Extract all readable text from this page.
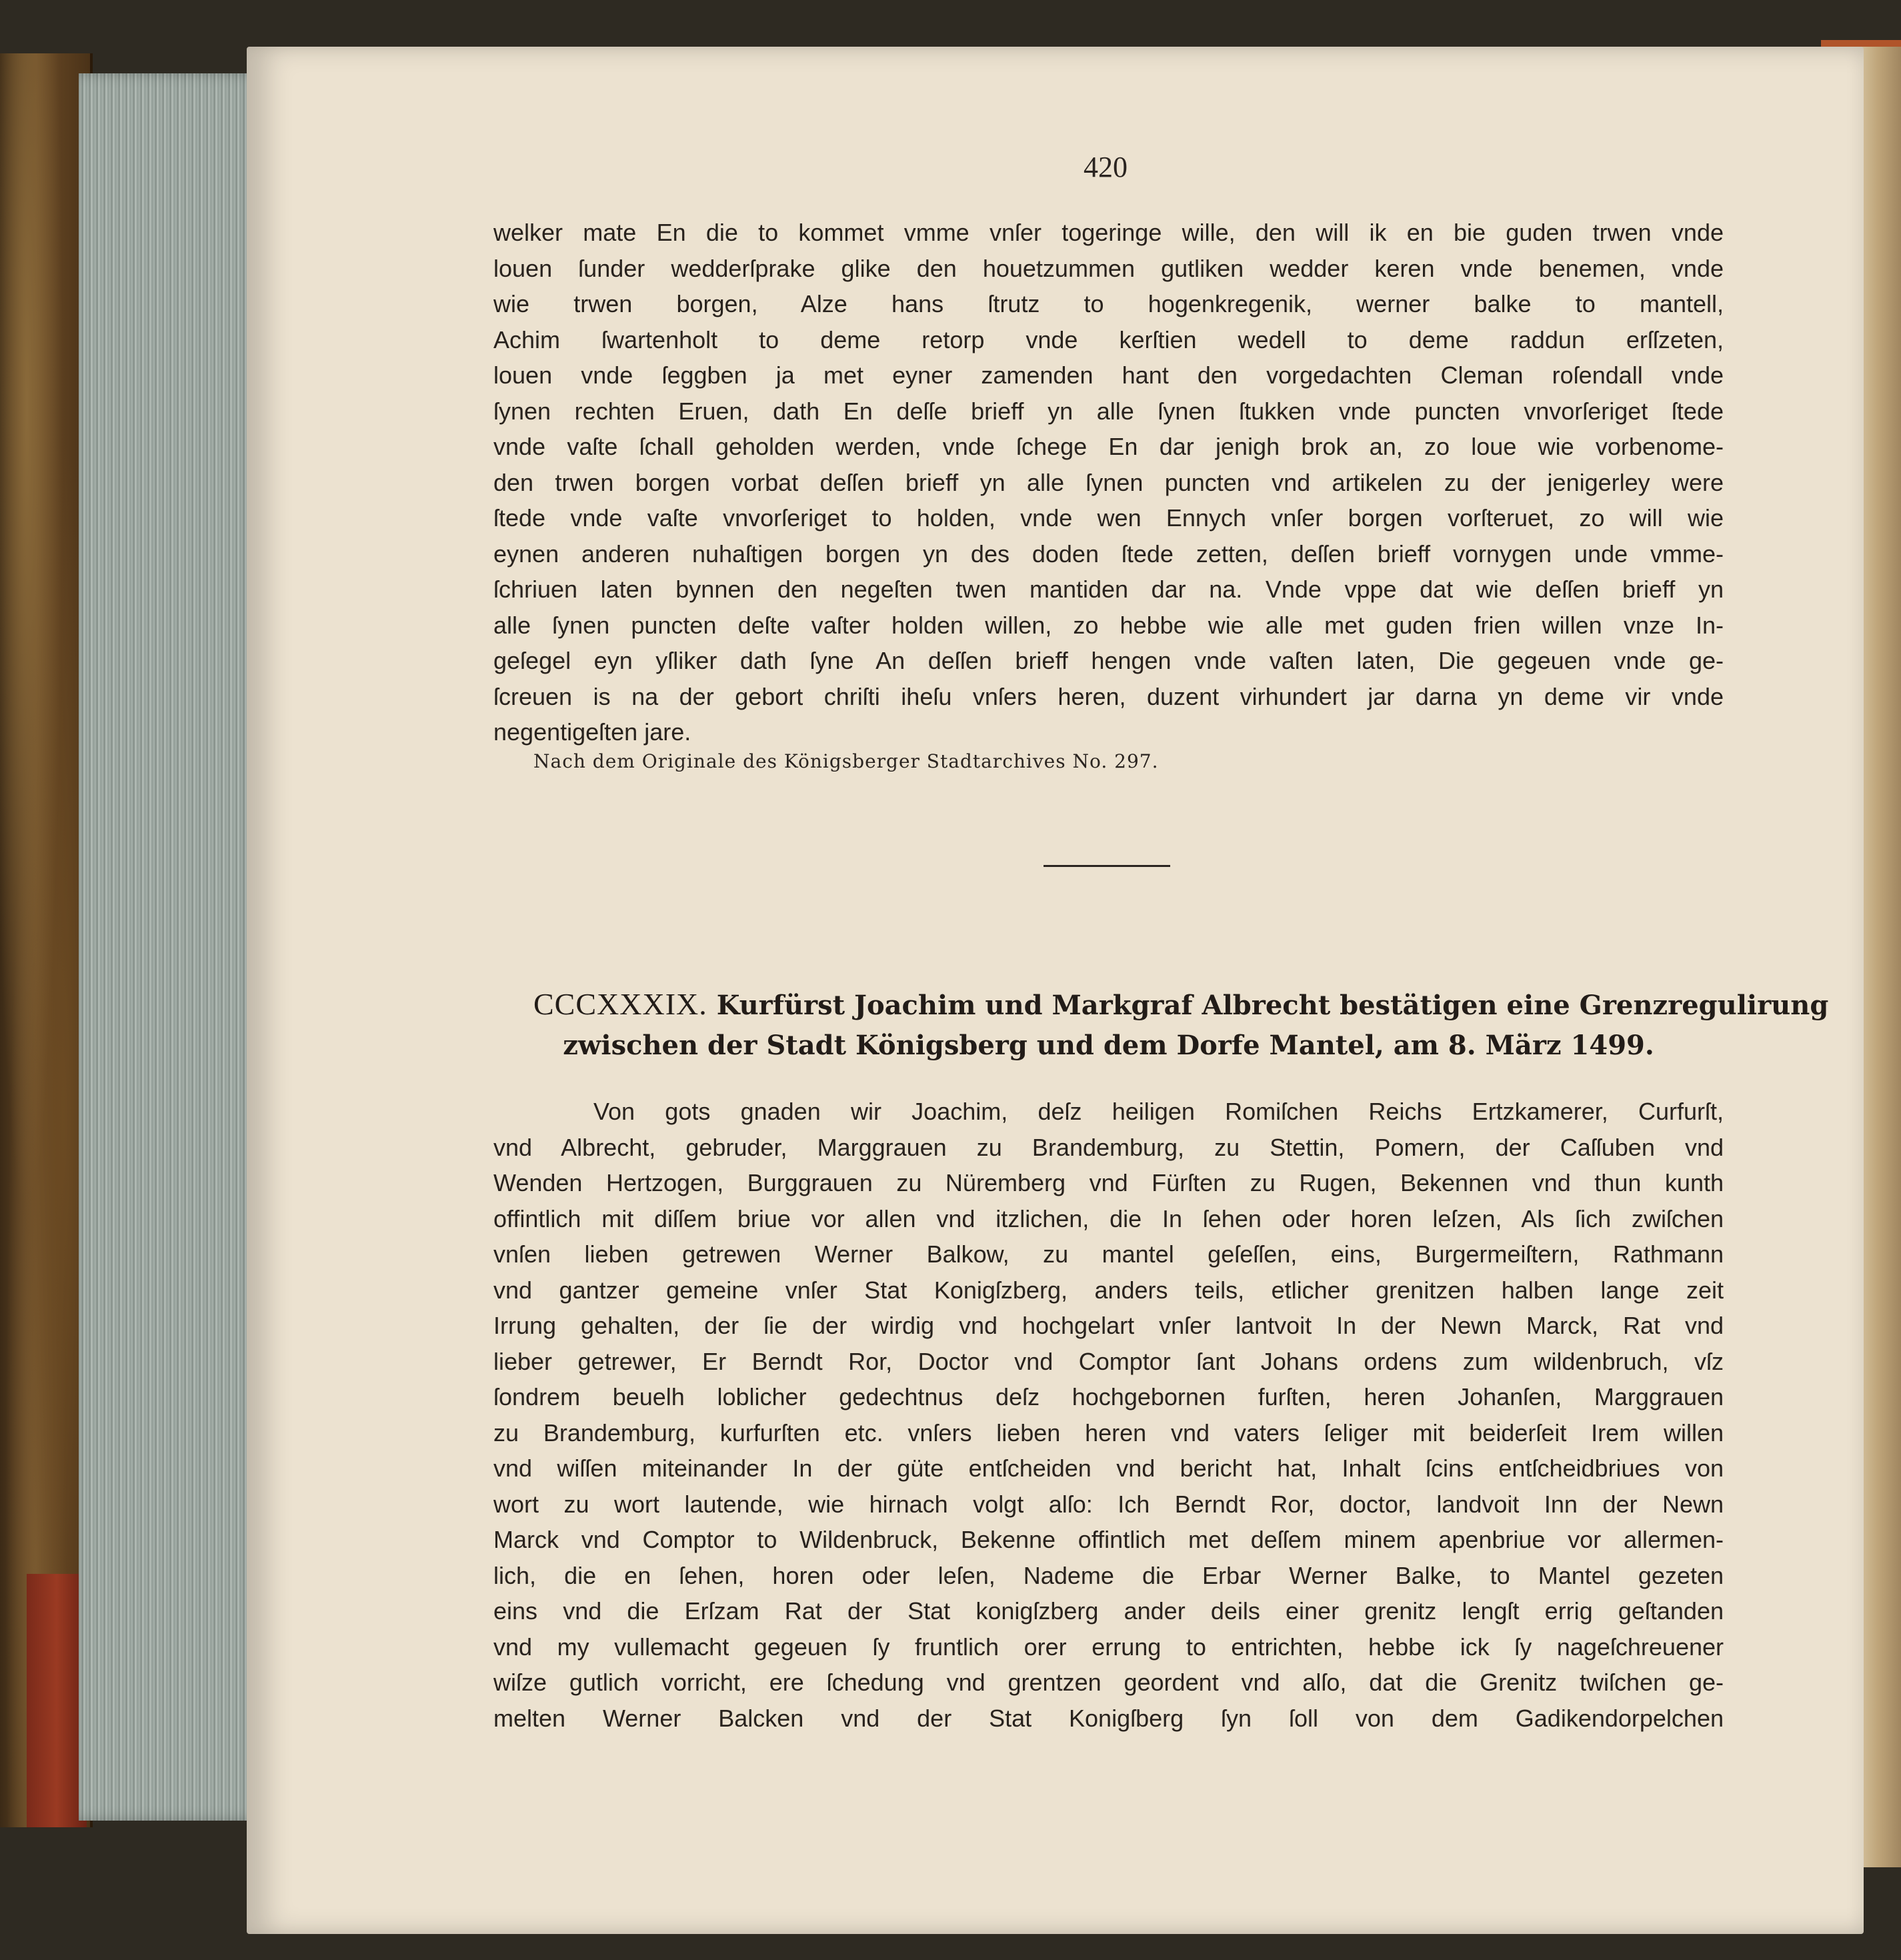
420
welker mate En die to kommet vmme vnſer togeringe wille, den will ik en bie guden trwen vnde
louen ſunder wedderſprake glike den houetzummen gutliken wedder keren vnde benemen, vnde
wie trwen borgen, Alze hans ſtrutz to hogenkregenik, werner balke to mantell,
Achim ſwartenholt to deme retorp vnde kerſtien wedell to deme raddun erſſzeten,
louen vnde ſeggben ja met eyner zamenden hant den vorgedachten Cleman roſendall vnde
ſynen rechten Eruen, dath En deſſe brieff yn alle ſynen ſtukken vnde puncten vnvorſeriget ſtede
vnde vaſte ſchall geholden werden, vnde ſchege En dar jenigh brok an, zo loue wie vorbenome-
den trwen borgen vorbat deſſen brieff yn alle ſynen puncten vnd artikelen zu der jenigerley were
ſtede vnde vaſte vnvorſeriget to holden, vnde wen Ennych vnſer borgen vorſteruet, zo will wie
eynen anderen nuhaſtigen borgen yn des doden ſtede zetten, deſſen brieff vornygen unde vmme-
ſchriuen laten bynnen den negeſten twen mantiden dar na. Vnde vppe dat wie deſſen brieff yn
alle ſynen puncten deſte vaſter holden willen, zo hebbe wie alle met guden frien willen vnze In-
geſegel eyn yſliker dath ſyne An deſſen brieff hengen vnde vaſten laten, Die gegeuen vnde ge-
ſcreuen is na der gebort chriſti iheſu vnſers heren, duzent virhundert jar darna yn deme vir vnde
negentigeſten jare.
Nach dem Originale des Königsberger Stadtarchives No. 297.
CCCXXXIX. Kurfürst Joachim und Markgraf Albrecht bestätigen eine Grenzregulirung
zwischen der Stadt Königsberg und dem Dorfe Mantel, am 8. März 1499.
Von gots gnaden wir Joachim, deſz heiligen Romiſchen Reichs Ertzkamerer, Curfurſt,
vnd Albrecht, gebruder, Marggrauen zu Brandemburg, zu Stettin, Pomern, der Caſſuben vnd
Wenden Hertzogen, Burggrauen zu Nüremberg vnd Fürſten zu Rugen, Bekennen vnd thun kunth
offintlich mit diſſem briue vor allen vnd itzlichen, die In ſehen oder horen leſzen, Als ſich zwiſchen
vnſen lieben getrewen Werner Balkow, zu mantel geſeſſen, eins, Burgermeiſtern, Rathmann
vnd gantzer gemeine vnſer Stat Konigſzberg, anders teils, etlicher grenitzen halben lange zeit
Irrung gehalten, der ſie der wirdig vnd hochgelart vnſer lantvoit In der Newn Marck, Rat vnd
lieber getrewer, Er Berndt Ror, Doctor vnd Comptor ſant Johans ordens zum wildenbruch, vſz
ſondrem beuelh loblicher gedechtnus deſz hochgebornen furſten, heren Johanſen, Marggrauen
zu Brandemburg, kurfurſten etc. vnſers lieben heren vnd vaters ſeliger mit beiderſeit Irem willen
vnd wiſſen miteinander In der güte entſcheiden vnd bericht hat, Inhalt ſcins entſcheidbriues von
wort zu wort lautende, wie hirnach volgt alſo: Ich Berndt Ror, doctor, landvoit Inn der Newn
Marck vnd Comptor to Wildenbruck, Bekenne offintlich met deſſem minem apenbriue vor allermen-
lich, die en ſehen, horen oder leſen, Nademe die Erbar Werner Balke, to Mantel gezeten
eins vnd die Erſzam Rat der Stat konigſzberg ander deils einer grenitz lengſt errig geſtanden
vnd my vullemacht gegeuen ſy fruntlich orer errung to entrichten, hebbe ick ſy nageſchreuener
wiſze gutlich vorricht, ere ſchedung vnd grentzen geordent vnd alſo, dat die Grenitz twiſchen ge-
melten Werner Balcken vnd der Stat Konigſberg ſyn ſoll von dem Gadikendorpelchen
